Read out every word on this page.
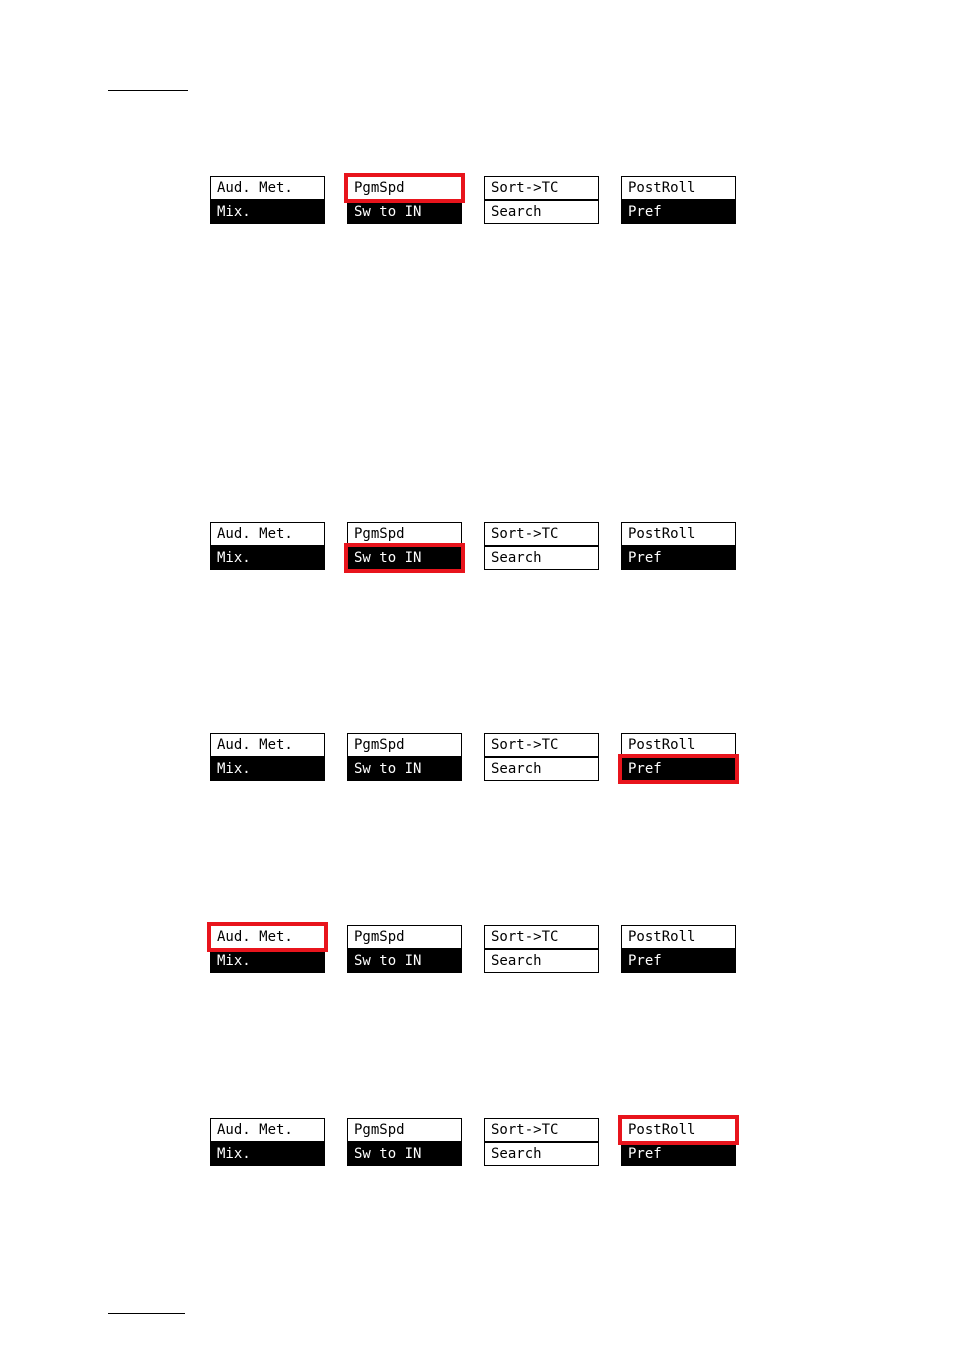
Aud. Met.
Mix.
PgmSpd
Sw to IN
Sort->TC
Search
PostRoll
Pref
Aud. Met.
Mix.
PgmSpd
Sw to IN
Sort->TC
Search
PostRoll
Pref
Aud. Met.
Mix.
PgmSpd
Sw to IN
Sort->TC
Search
PostRoll
Pref
Aud. Met.
Mix.
PgmSpd
Sw to IN
Sort->TC
Search
PostRoll
Pref
Aud. Met.
Mix.
PgmSpd
Sw to IN
Sort->TC
Search
PostRoll
Pref
